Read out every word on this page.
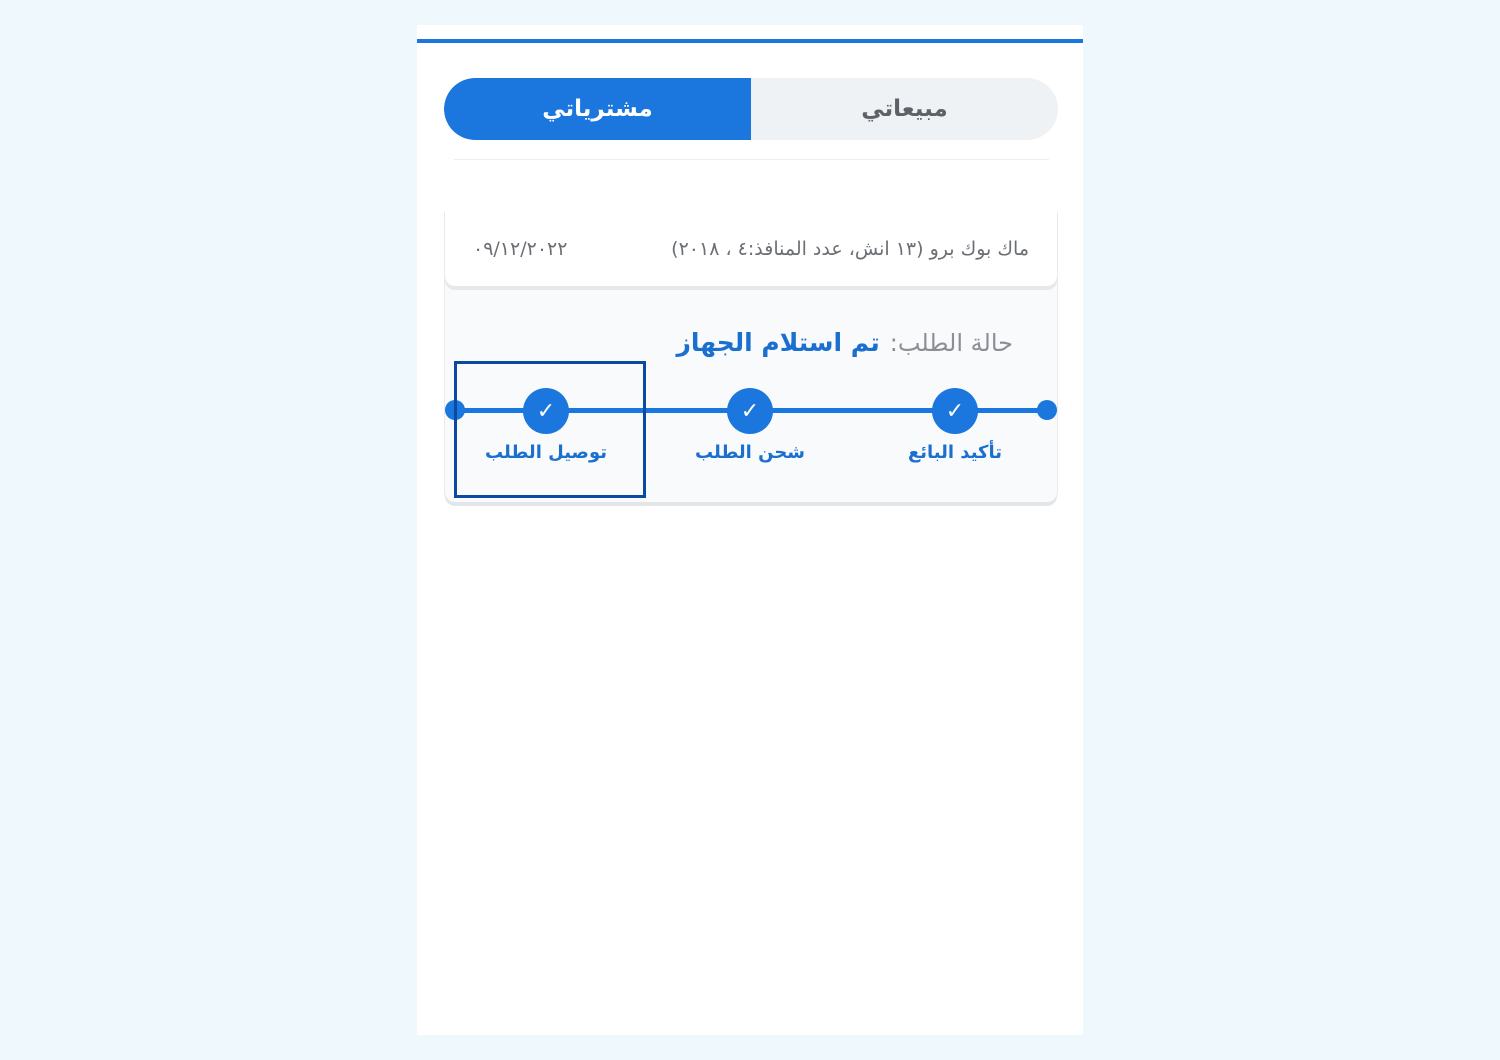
مشترياتي	مبيعاتي
ماك بوك برو (١٣ انش، عدد المنافذ:٤ ، ٢٠١٨)
٠٩/١٢/٢٠٢٢
حالة الطلب:
تم استلام الجهاز
✓
تأكيد البائع
✓
شحن الطلب
✓
توصيل الطلب
